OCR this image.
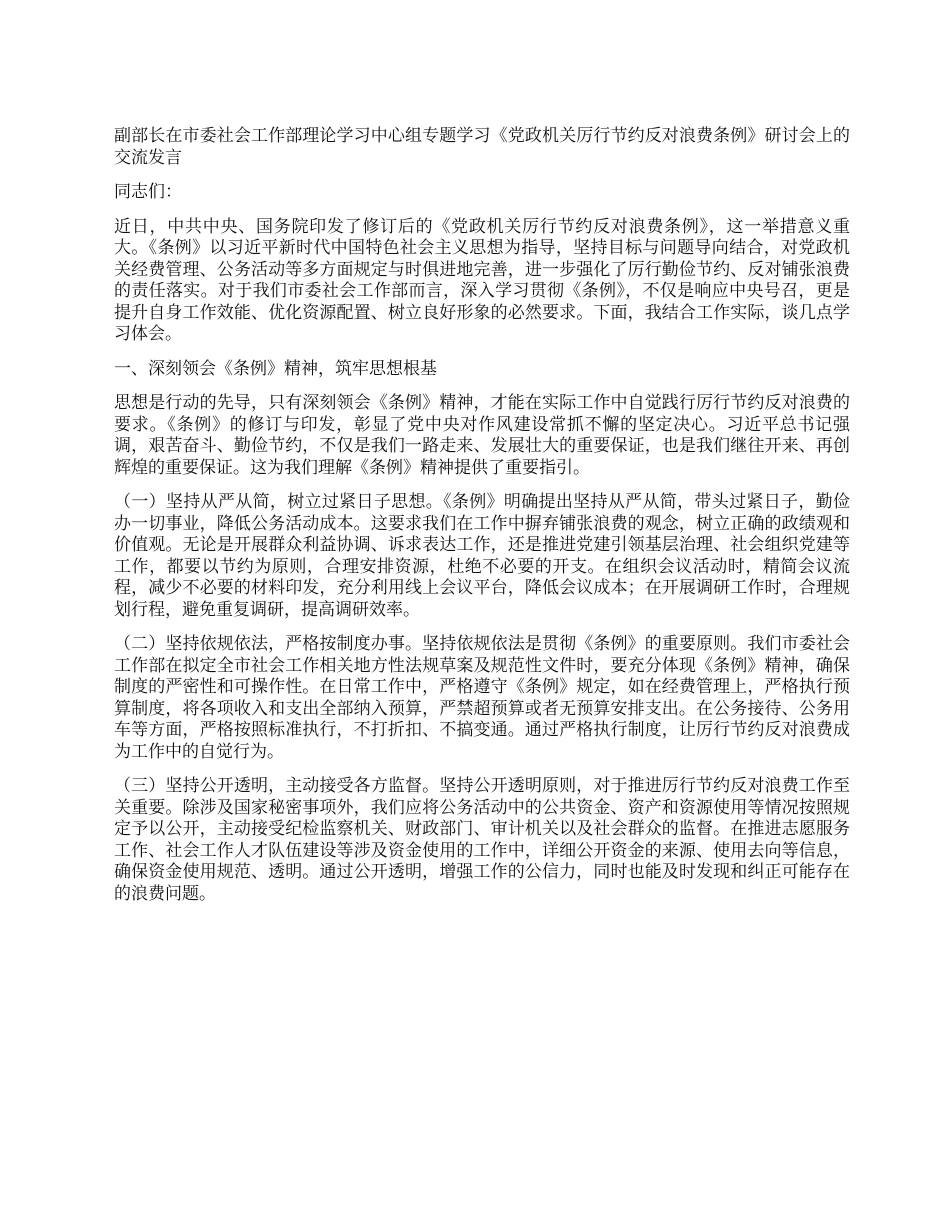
副部长在市委社会工作部理论学习中心组专题学习《党政机关厉行节约反对浪费条例》研讨会上的交流发言

同志们：

近日，中共中央、国务院印发了修订后的《党政机关厉行节约反对浪费条例》，这一举措意义重大。《条例》以习近平新时代中国特色社会主义思想为指导，坚持目标与问题导向结合，对党政机关经费管理、公务活动等多方面规定与时俱进地完善，进一步强化了厉行勤俭节约、反对铺张浪费的责任落实。对于我们市委社会工作部而言，深入学习贯彻《条例》，不仅是响应中央号召，更是提升自身工作效能、优化资源配置、树立良好形象的必然要求。下面，我结合工作实际，谈几点学习体会。

一、深刻领会《条例》精神，筑牢思想根基

思想是行动的先导，只有深刻领会《条例》精神，才能在实际工作中自觉践行厉行节约反对浪费的要求。《条例》的修订与印发，彰显了党中央对作风建设常抓不懈的坚定决心。习近平总书记强调，艰苦奋斗、勤俭节约，不仅是我们一路走来、发展壮大的重要保证，也是我们继往开来、再创辉煌的重要保证。这为我们理解《条例》精神提供了重要指引。

（一）坚持从严从简，树立过紧日子思想。《条例》明确提出坚持从严从简，带头过紧日子，勤俭办一切事业，降低公务活动成本。这要求我们在工作中摒弃铺张浪费的观念，树立正确的政绩观和价值观。无论是开展群众利益协调、诉求表达工作，还是推进党建引领基层治理、社会组织党建等工作，都要以节约为原则，合理安排资源，杜绝不必要的开支。在组织会议活动时，精简会议流程，减少不必要的材料印发，充分利用线上会议平台，降低会议成本；在开展调研工作时，合理规划行程，避免重复调研，提高调研效率。

（二）坚持依规依法，严格按制度办事。坚持依规依法是贯彻《条例》的重要原则。我们市委社会工作部在拟定全市社会工作相关地方性法规草案及规范性文件时，要充分体现《条例》精神，确保制度的严密性和可操作性。在日常工作中，严格遵守《条例》规定，如在经费管理上，严格执行预算制度，将各项收入和支出全部纳入预算，严禁超预算或者无预算安排支出。在公务接待、公务用车等方面，严格按照标准执行，不打折扣、不搞变通。通过严格执行制度，让厉行节约反对浪费成为工作中的自觉行为。

（三）坚持公开透明，主动接受各方监督。坚持公开透明原则，对于推进厉行节约反对浪费工作至关重要。除涉及国家秘密事项外，我们应将公务活动中的公共资金、资产和资源使用等情况按照规定予以公开，主动接受纪检监察机关、财政部门、审计机关以及社会群众的监督。在推进志愿服务工作、社会工作人才队伍建设等涉及资金使用的工作中，详细公开资金的来源、使用去向等信息，确保资金使用规范、透明。通过公开透明，增强工作的公信力，同时也能及时发现和纠正可能存在的浪费问题。
